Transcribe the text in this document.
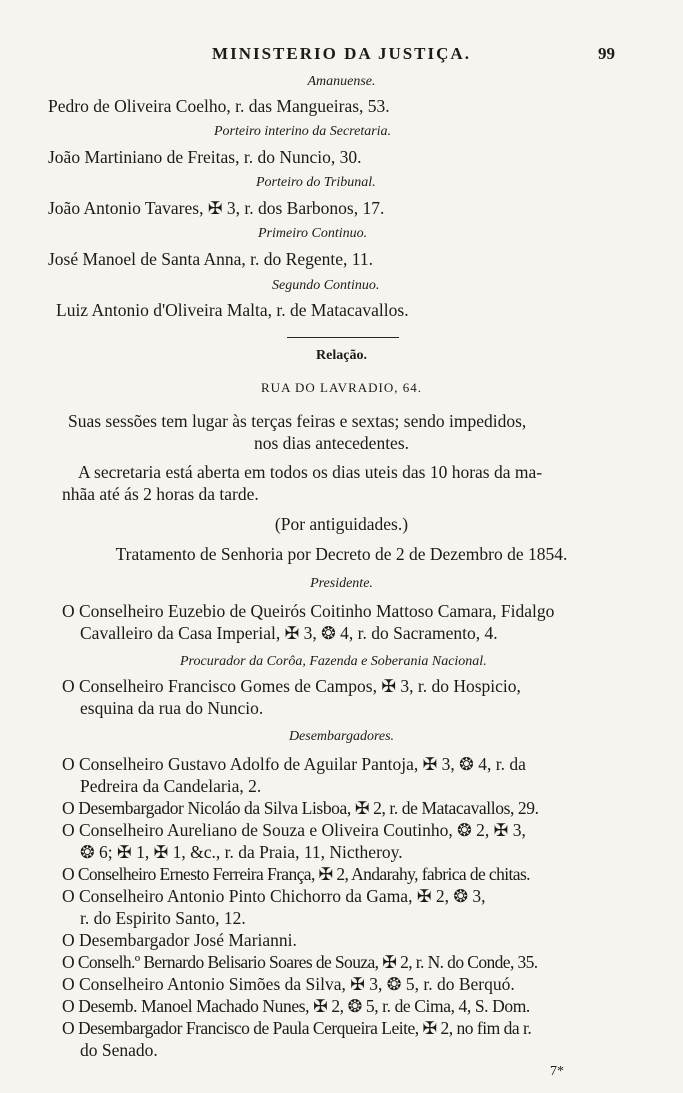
MINISTERIO DA JUSTIÇA.	99
Amanuense.
Pedro de Oliveira Coelho, r. das Mangueiras, 53.
Porteiro interino da Secretaria.
João Martiniano de Freitas, r. do Nuncio, 30.
Porteiro do Tribunal.
João Antonio Tavares, ✠ 3, r. dos Barbonos, 17.
Primeiro Continuo.
José Manoel de Santa Anna, r. do Regente, 11.
Segundo Continuo.
Luiz Antonio d'Oliveira Malta, r. de Matacavallos.
Relação.
RUA DO LAVRADIO, 64.
Suas sessões tem lugar às terças feiras e sextas; sendo impedidos,
nos dias antecedentes.
A secretaria está aberta em todos os dias uteis das 10 horas da ma-
nhãa até ás 2 horas da tarde.
(Por antiguidades.)
Tratamento de Senhoria por Decreto de 2 de Dezembro de 1854.
Presidente.
O Conselheiro Euzebio de Queirós Coitinho Mattoso Camara, Fidalgo
Cavalleiro da Casa Imperial, ✠ 3, ❂ 4, r. do Sacramento, 4.
Procurador da Corôa, Fazenda e Soberania Nacional.
O Conselheiro Francisco Gomes de Campos, ✠ 3, r. do Hospicio,
esquina da rua do Nuncio.
Desembargadores.
O Conselheiro Gustavo Adolfo de Aguilar Pantoja, ✠ 3, ❂ 4, r. da
Pedreira da Candelaria, 2.
O Desembargador Nicoláo da Silva Lisboa, ✠ 2, r. de Matacavallos, 29.
O Conselheiro Aureliano de Souza e Oliveira Coutinho, ❂ 2, ✠ 3,
❂ 6; ✠ 1, ✠ 1, &c., r. da Praia, 11, Nictheroy.
O Conselheiro Ernesto Ferreira França, ✠ 2, Andarahy, fabrica de chitas.
O Conselheiro Antonio Pinto Chichorro da Gama, ✠ 2, ❂ 3,
r. do Espirito Santo, 12.
O Desembargador José Marianni.
O Conselh.º Bernardo Belisario Soares de Souza, ✠ 2, r. N. do Conde, 35.
O Conselheiro Antonio Simões da Silva, ✠ 3, ❂ 5, r. do Berquó.
O Desemb. Manoel Machado Nunes, ✠ 2, ❂ 5, r. de Cima, 4, S. Dom.
O Desembargador Francisco de Paula Cerqueira Leite, ✠ 2, no fim da r.
do Senado.
7*
